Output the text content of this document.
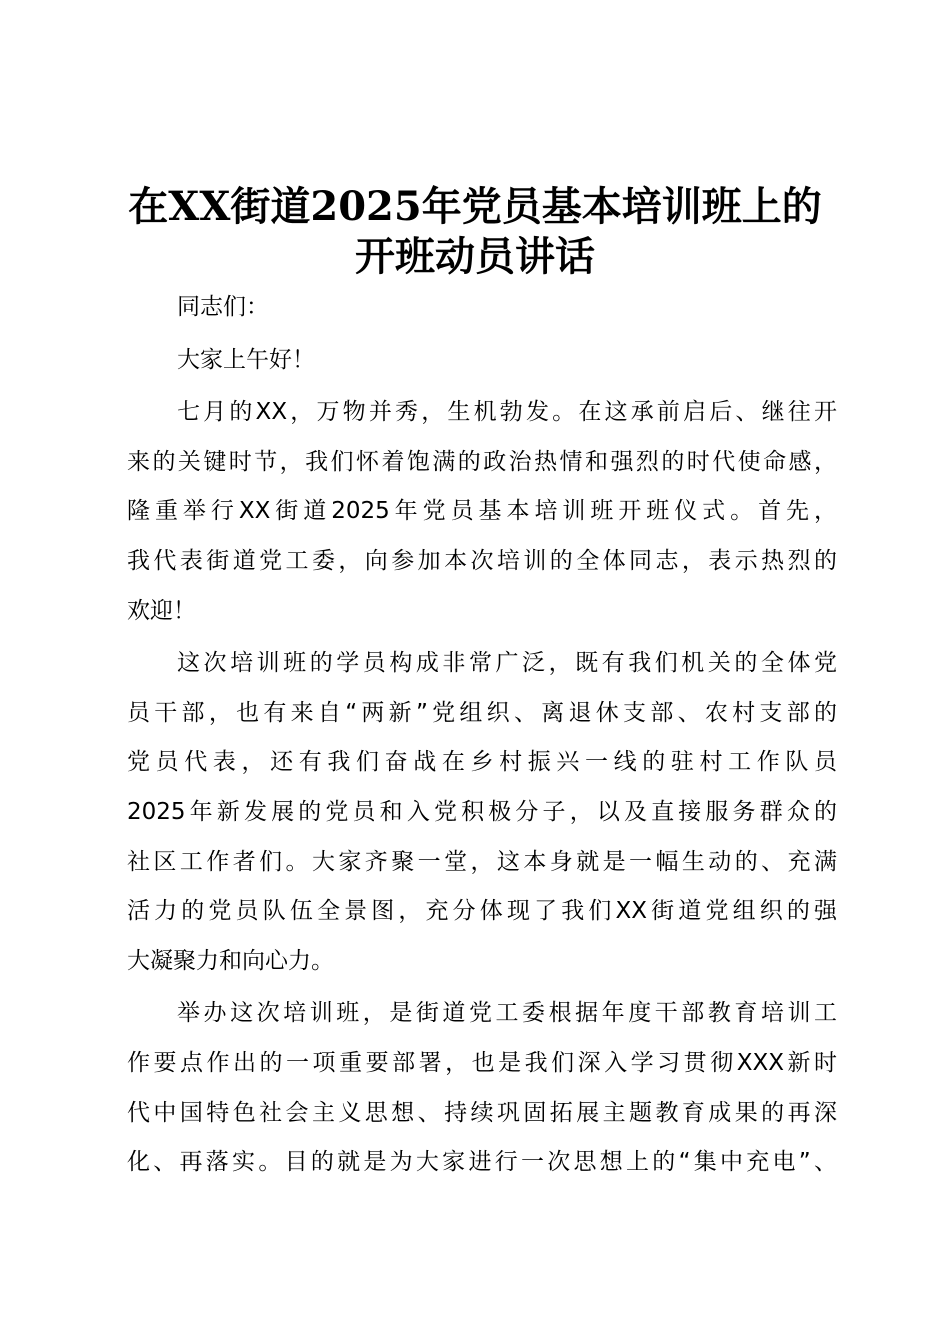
在XX街道2025年党员基本培训班上的
开班动员讲话

同志们：

大家上午好！

七月的XX，万物并秀，生机勃发。在这承前启后、继往开
来的关键时节，我们怀着饱满的政治热情和强烈的时代使命感，
隆重举行XX街道2025年党员基本培训班开班仪式。首先，
我代表街道党工委，向参加本次培训的全体同志，表示热烈的
欢迎！

这次培训班的学员构成非常广泛，既有我们机关的全体党
员干部，也有来自“两新”党组织、离退休支部、农村支部的
党员代表，还有我们奋战在乡村振兴一线的驻村工作队员
2025年新发展的党员和入党积极分子，以及直接服务群众的
社区工作者们。大家齐聚一堂，这本身就是一幅生动的、充满
活力的党员队伍全景图，充分体现了我们XX街道党组织的强
大凝聚力和向心力。

举办这次培训班，是街道党工委根据年度干部教育培训工
作要点作出的一项重要部署，也是我们深入学习贯彻XXX新时
代中国特色社会主义思想、持续巩固拓展主题教育成果的再深
化、再落实。目的就是为大家进行一次思想上的“集中充电”、
